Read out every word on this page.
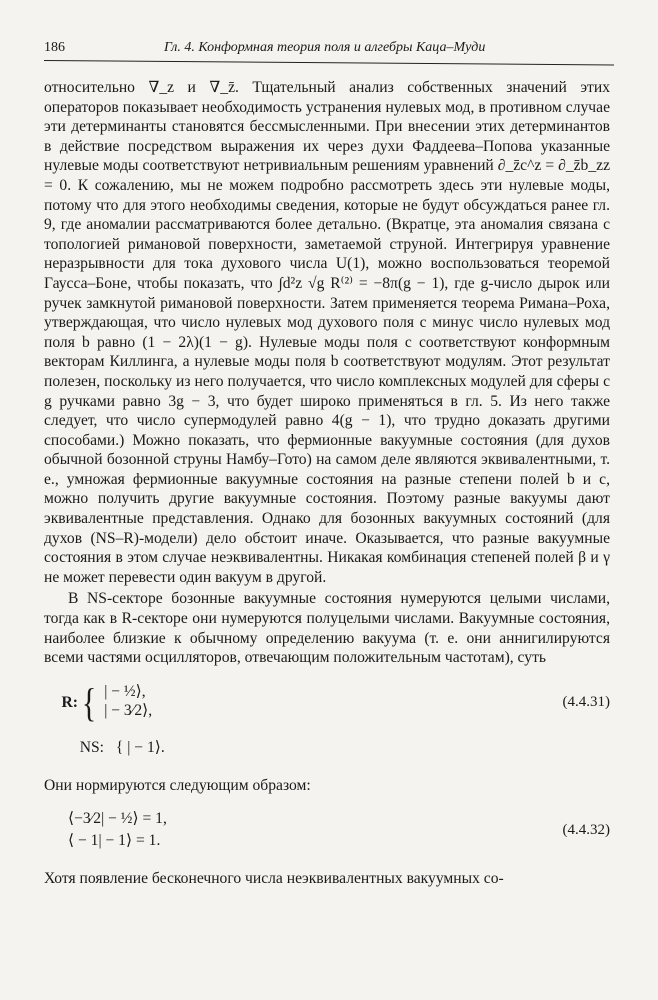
186	Гл. 4. Конформная теория поля и алгебры Каца–Муди

относительно ∇_z и ∇_z̄. Тщательный анализ собственных значений этих операторов показывает необходимость устранения нулевых мод, в противном случае эти детерминанты становятся бессмысленными. При внесении этих детерминантов в действие посредством выражения их через духи Фаддеева–Попова указанные нулевые моды соответствуют нетривиальным решениям уравнений ∂_z̄c^z = ∂_z̄b_zz = 0. К сожалению, мы не можем подробно рассмотреть здесь эти нулевые моды, потому что для этого необходимы сведения, которые не будут обсуждаться ранее гл. 9, где аномалии рассматриваются более детально. (Вкратце, эта аномалия связана с топологией римановой поверхности, заметаемой струной. Интегрируя уравнение неразрывности для тока духового числа U(1), можно воспользоваться теоремой Гаусса–Боне, чтобы показать, что ∫d²z √g R⁽²⁾ = −8π(g − 1), где g-число дырок или ручек замкнутой римановой поверхности. Затем применяется теорема Римана–Роха, утверждающая, что число нулевых мод духового поля c минус число нулевых мод поля b равно (1 − 2λ)(1 − g). Нулевые моды поля c соответствуют конформным векторам Киллинга, а нулевые моды поля b соответствуют модулям. Этот результат полезен, поскольку из него получается, что число комплексных модулей для сферы с g ручками равно 3g − 3, что будет широко применяться в гл. 5. Из него также следует, что число супермодулей равно 4(g − 1), что трудно доказать другими способами.) Можно показать, что фермионные вакуумные состояния (для духов обычной бозонной струны Намбу–Гото) на самом деле являются эквивалентными, т. е., умножая фермионные вакуумные состояния на разные степени полей b и c, можно получить другие вакуумные состояния. Поэтому разные вакуумы дают эквивалентные представления. Однако для бозонных вакуумных состояний (для духов (NS–R)-модели) дело обстоит иначе. Оказывается, что разные вакуумные состояния в этом случае неэквивалентны. Никакая комбинация степеней полей β и γ не может перевести один вакуум в другой.

В NS-секторе бозонные вакуумные состояния нумеруются целыми числами, тогда как в R-секторе они нумеруются полуцелыми числами. Вакуумные состояния, наиболее близкие к обычному определению вакуума (т. е. они аннигилируются всеми частями осцилляторов, отвечающим положительным частотам), суть

R: { | − ½⟩,
| − 3⁄2⟩,
(4.4.31)
NS: { | − 1⟩.

Они нормируются следующим образом:

⟨−3⁄2| − ½⟩ = 1,
⟨ − 1| − 1⟩ = 1.
(4.4.32)

Хотя появление бесконечного числа неэквивалентных вакуумных со-
